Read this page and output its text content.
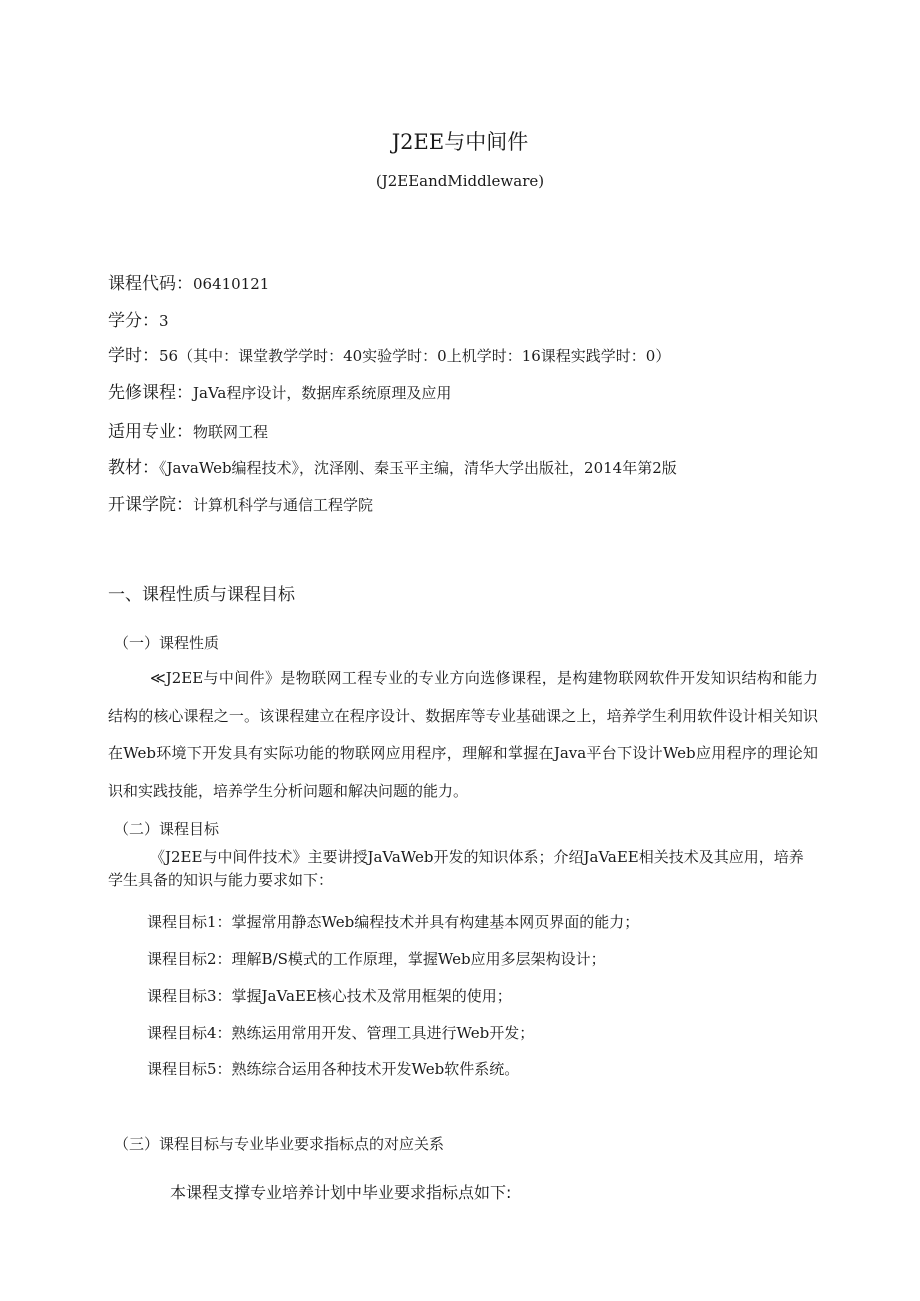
J2EE与中间件
(J2EEandMiddleware)
课程代码：06410121
学分：3
学时：56（其中：课堂教学学时：40实验学时：0上机学时：16课程实践学时：0）
先修课程：JaVa程序设计，数据库系统原理及应用
适用专业：物联网工程
教材：《JavaWeb编程技术》，沈泽刚、秦玉平主编，清华大学出版社，2014年第2版
开课学院：计算机科学与通信工程学院
一、课程性质与课程目标
（一）课程性质
≪J2EE与中间件》是物联网工程专业的专业方向选修课程，是构建物联网软件开发知识结构和能力结构的核心课程之一。该课程建立在程序设计、数据库等专业基础课之上，培养学生利用软件设计相关知识在Web环境下开发具有实际功能的物联网应用程序，理解和掌握在Java平台下设计Web应用程序的理论知识和实践技能，培养学生分析问题和解决问题的能力。
（二）课程目标
《J2EE与中间件技术》主要讲授JaVaWeb开发的知识体系；介绍JaVaEE相关技术及其应用，培养学生具备的知识与能力要求如下：
课程目标1：掌握常用静态Web编程技术并具有构建基本网页界面的能力；
课程目标2：理解B/S模式的工作原理，掌握Web应用多层架构设计；
课程目标3：掌握JaVaEE核心技术及常用框架的使用；
课程目标4：熟练运用常用开发、管理工具进行Web开发；
课程目标5：熟练综合运用各种技术开发Web软件系统。
（三）课程目标与专业毕业要求指标点的对应关系
本课程支撑专业培养计划中毕业要求指标点如下:
